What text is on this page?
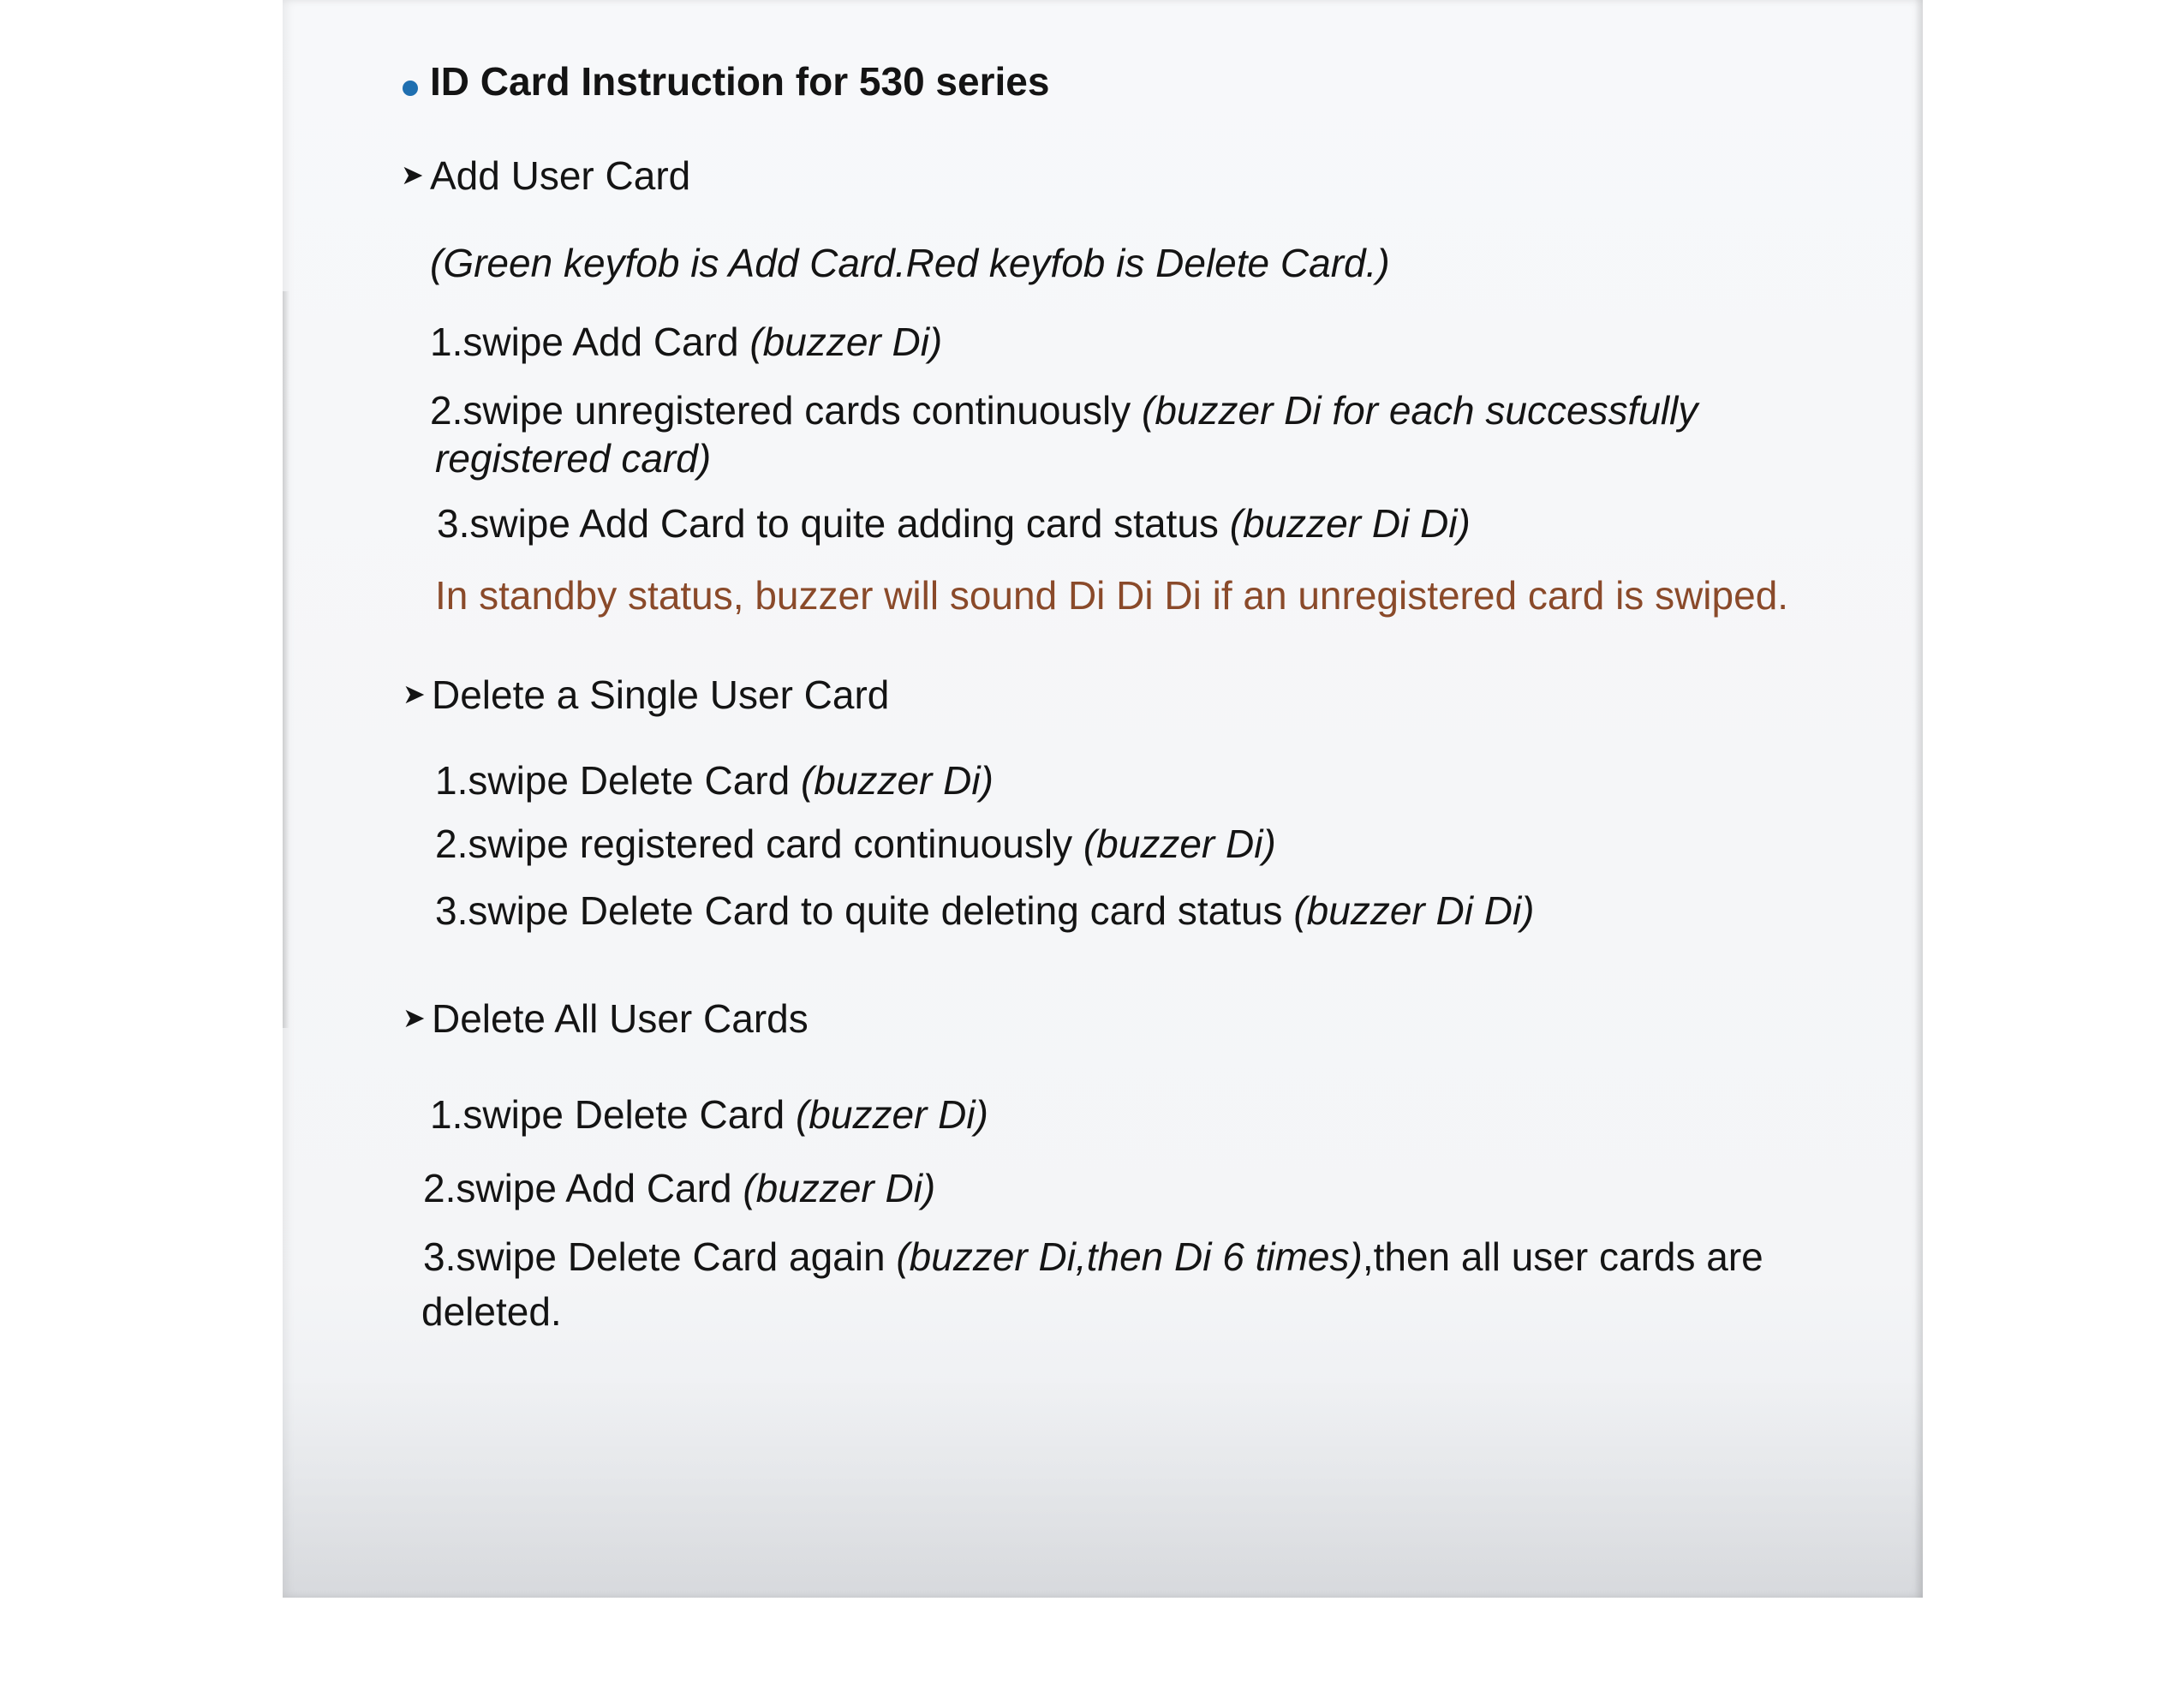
ID Card Instruction for 530 series
➤ Add User Card
(Green keyfob is Add Card.Red keyfob is Delete Card.)
1.swipe Add Card (buzzer Di)
2.swipe unregistered cards continuously (buzzer Di for each successfully
registered card)
3.swipe Add Card to quite adding card status (buzzer Di Di)
In standby status, buzzer will sound Di Di Di if an unregistered card is swiped.
➤ Delete a Single User Card
1.swipe Delete Card (buzzer Di)
2.swipe registered card continuously (buzzer Di)
3.swipe Delete Card to quite deleting card status (buzzer Di Di)
➤ Delete All User Cards
1.swipe Delete Card (buzzer Di)
2.swipe Add Card (buzzer Di)
3.swipe Delete Card again (buzzer Di,then Di 6 times),then all user cards are
deleted.
